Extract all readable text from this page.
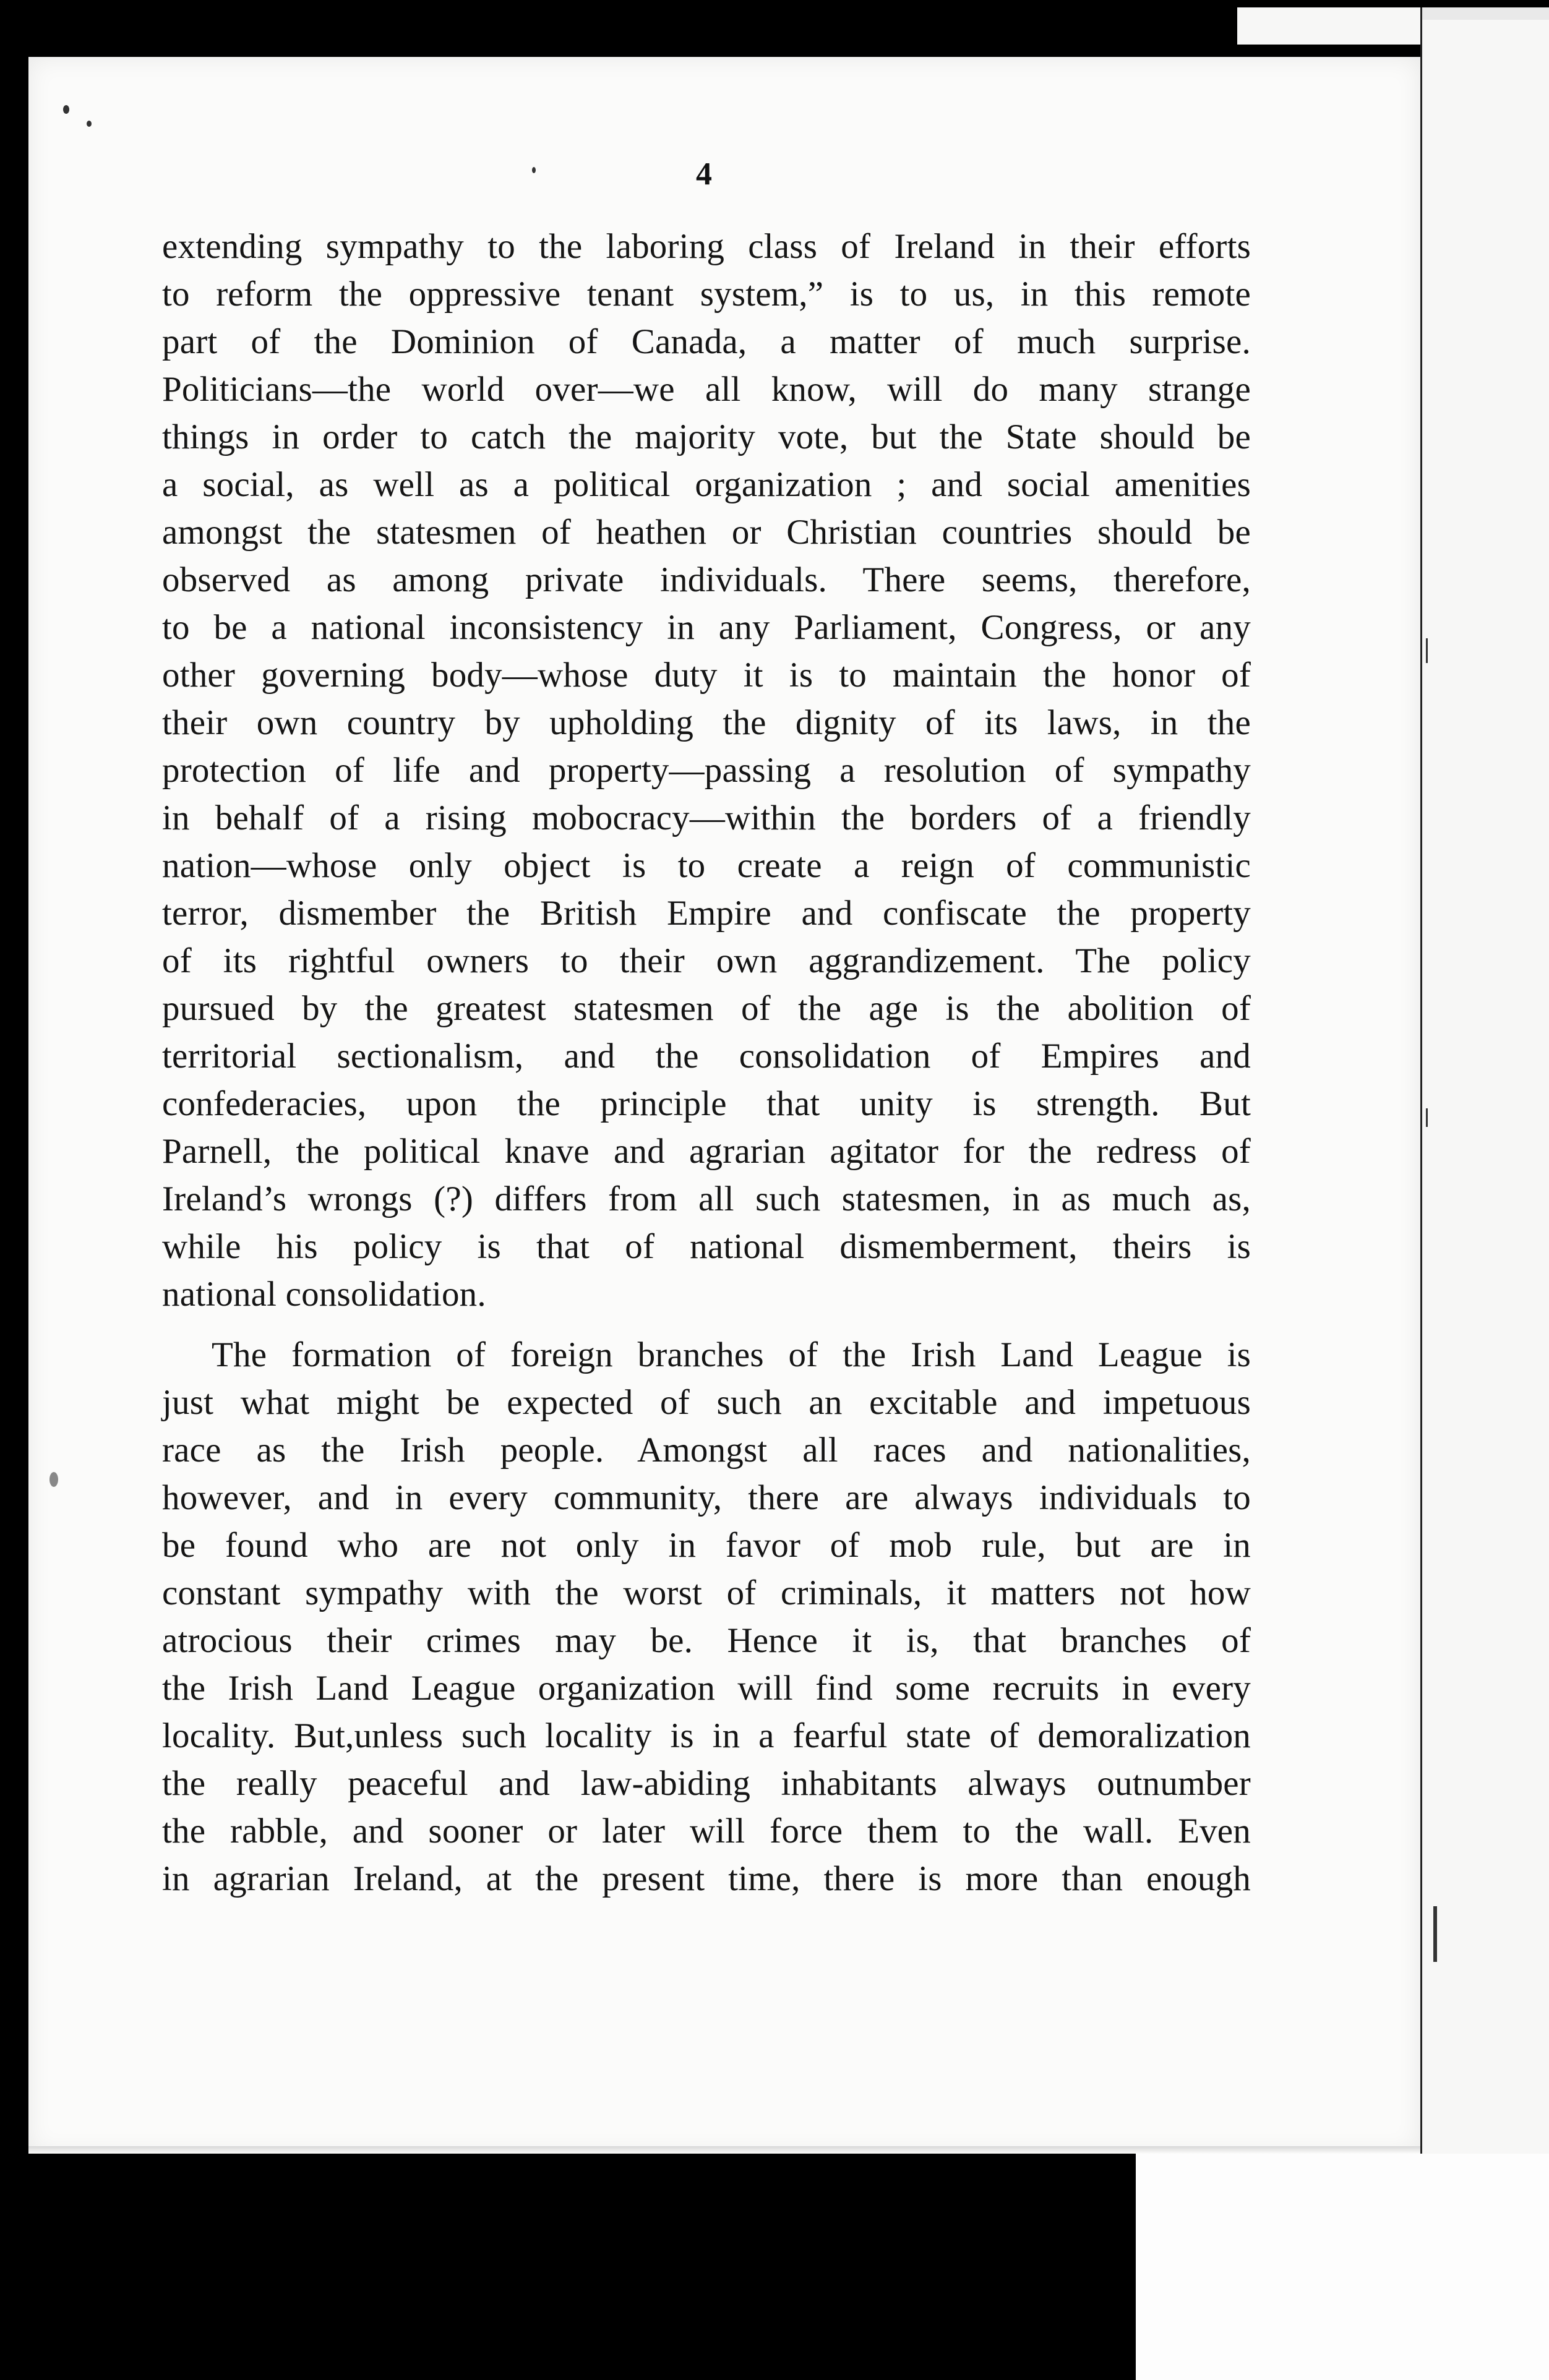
4
extending sympathy to the laboring class of Ireland in their efforts
to reform the oppressive tenant system,” is to us, in this remote
part of the Dominion of Canada, a matter of much surprise.
Politicians—the world over—we all know, will do many strange
things in order to catch the majority vote, but the State should be
a social, as well as a political organization ; and social amenities
amongst the statesmen of heathen or Christian countries should be
observed as among private individuals. There seems, therefore,
to be a national inconsistency in any Parliament, Congress, or any
other governing body—whose duty it is to maintain the honor of
their own country by upholding the dignity of its laws, in the
protection of life and property—passing a resolution of sympathy
in behalf of a rising mobocracy—within the borders of a friendly
nation—whose only object is to create a reign of communistic
terror, dismember the British Empire and confiscate the property
of its rightful owners to their own aggrandizement. The policy
pursued by the greatest statesmen of the age is the abolition of
territorial sectionalism, and the consolidation of Empires and
confederacies, upon the principle that unity is strength. But
Parnell, the political knave and agrarian agitator for the redress of
Ireland’s wrongs (?) differs from all such statesmen, in as much as,
while his policy is that of national dismemberment, theirs is
national consolidation.
The formation of foreign branches of the Irish Land League is
just what might be expected of such an excitable and impetuous
race as the Irish people. Amongst all races and nationalities,
however, and in every community, there are always individuals to
be found who are not only in favor of mob rule, but are in
constant sympathy with the worst of criminals, it matters not how
atrocious their crimes may be. Hence it is, that branches of
the Irish Land League organization will find some recruits in every
locality. But,unless such locality is in a fearful state of demoralization
the really peaceful and law-abiding inhabitants always outnumber
the rabble, and sooner or later will force them to the wall. Even
in agrarian Ireland, at the present time, there is more than enough
